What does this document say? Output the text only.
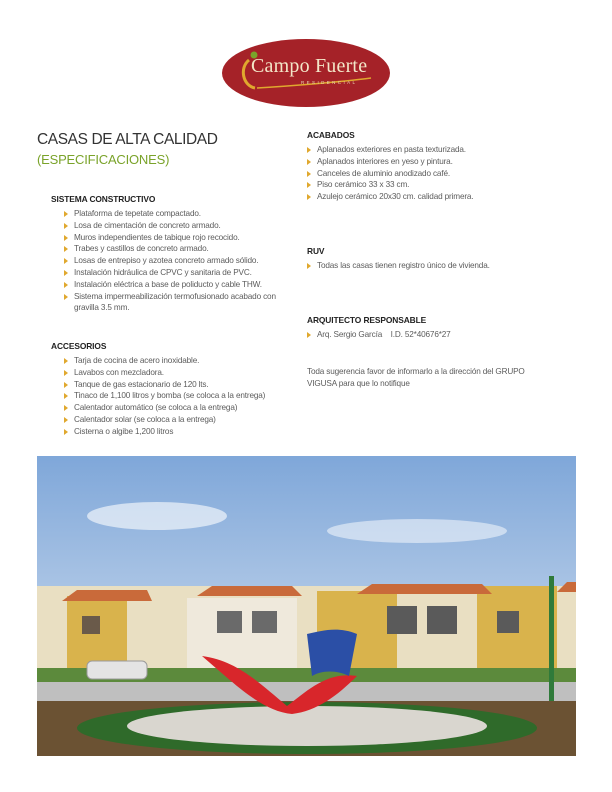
Campo Fuerte
RESIDENCIAL
CASAS DE ALTA CALIDAD
(ESPECIFICACIONES)
SISTEMA CONSTRUCTIVO
Plataforma de tepetate compactado.
Losa de cimentación de concreto armado.
Muros independientes de tabique rojo recocido.
Trabes y castillos de concreto armado.
Losas de entrepiso y azotea concreto armado sólido.
Instalación hidráulica de CPVC y sanitaria de PVC.
Instalación eléctrica a base de poliducto y cable THW.
Sistema impermeabilización termofusionado acabado con gravilla 3.5 mm.
ACCESORIOS
Tarja de cocina de acero inoxidable.
Lavabos con mezcladora.
Tanque de gas estacionario de 120 lts.
Tinaco de 1,100 litros y bomba (se coloca a la entrega)
Calentador automático (se coloca a la entrega)
Calentador solar (se coloca a la entrega)
Cisterna o algibe 1,200 litros
ACABADOS
Aplanados exteriores en pasta texturizada.
Aplanados interiores en yeso y pintura.
Canceles de aluminio anodizado café.
Piso cerámico 33 x 33 cm.
Azulejo cerámico 20x30 cm. calidad primera.
RUV
Todas las casas tienen registro único de vivienda.
ARQUITECTO RESPONSABLE
Arq. Sergio García    I.D. 52*40676*27
Toda sugerencia favor de informarlo a la dirección del GRUPO VIGUSA para que lo notifique
